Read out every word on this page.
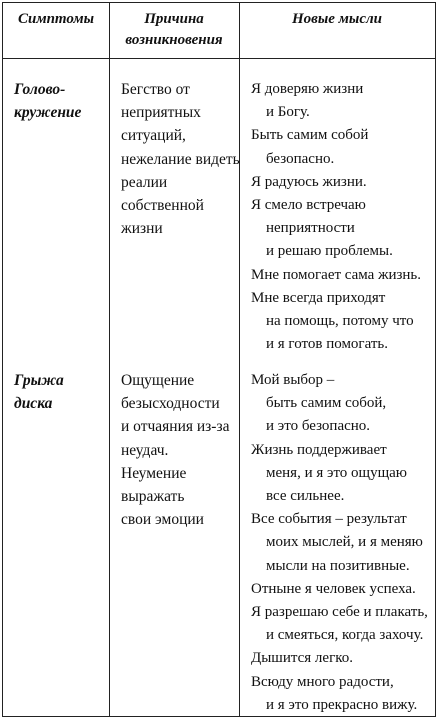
Симптомы	Причина
возникновения
Новые мысли
Голово-
кружение
Бегство от
неприятных
ситуаций,
нежелание видеть
реалии
собственной
жизни
Я доверяю жизни
и Богу.
Быть самим собой
безопасно.
Я радуюсь жизни.
Я смело встречаю
неприятности
и решаю проблемы.
Мне помогает сама жизнь.
Мне всегда приходят
на помощь, потому что
и я готов помогать.
Грыжа
диска
Ощущение
безысходности
и отчаяния из-за
неудач.
Неумение
выражать
свои эмоции
Мой выбор –
быть самим собой,
и это безопасно.
Жизнь поддерживает
меня, и я это ощущаю
все сильнее.
Все события – результат
моих мыслей, и я меняю
мысли на позитивные.
Отныне я человек успеха.
Я разрешаю себе и плакать,
и смеяться, когда захочу.
Дышится легко.
Всюду много радости,
и я это прекрасно вижу.
